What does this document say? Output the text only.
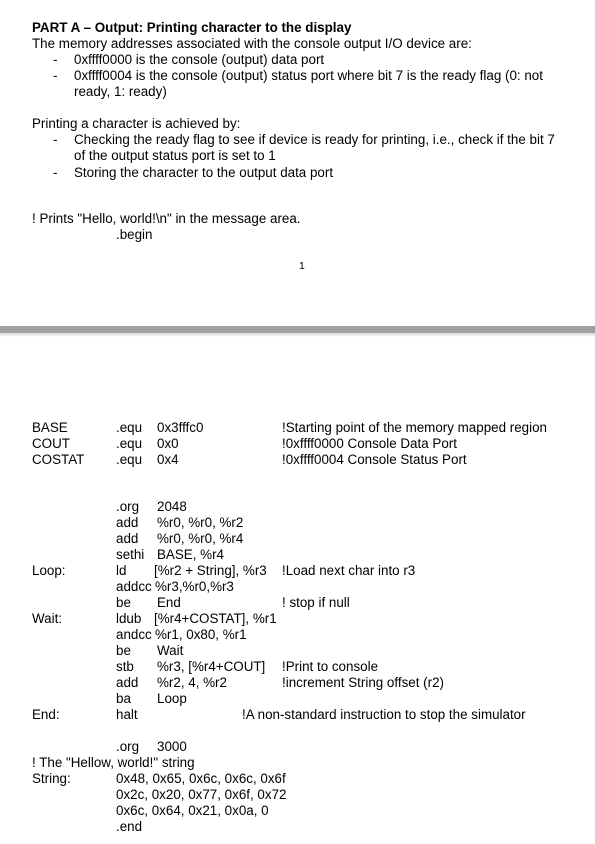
PART A – Output: Printing character to the display
The memory addresses associated with the console output I/O device are:
- 0xffff0000 is the console (output) data port
- 0xffff0004 is the console (output) status port where bit 7 is the ready flag (0: not
ready, 1: ready)
Printing a character is achieved by:
- Checking the ready flag to see if device is ready for printing, i.e., check if the bit 7
of the output status port is set to 1
- Storing the character to the output data port
! Prints "Hello, world!\n" in the message area.
.begin
1
BASE	.equ 0x3fffc0	!Starting point of the memory mapped region
COUT	.equ 0x0	!0xffff0000 Console Data Port
COSTAT .equ 0x4	!0xffff0004 Console Status Port
.org 2048
add %r0, %r0, %r2
add %r0, %r0, %r4
sethi BASE, %r4
Loop:	ld [%r2 + String], %r3 !Load next char into r3
addcc %r3,%r0,%r3
be End	! stop if null
Wait:	ldub [%r4+COSTAT], %r1
andcc %r1, 0x80, %r1
be Wait
stb %r3, [%r4+COUT] !Print to console
add %r2, 4, %r2	!increment String offset (r2)
ba Loop
End:	halt	!A non-standard instruction to stop the simulator
.org 3000
! The "Hellow, world!" string
String:	0x48, 0x65, 0x6c, 0x6c, 0x6f
0x2c, 0x20, 0x77, 0x6f, 0x72
0x6c, 0x64, 0x21, 0x0a, 0
.end
